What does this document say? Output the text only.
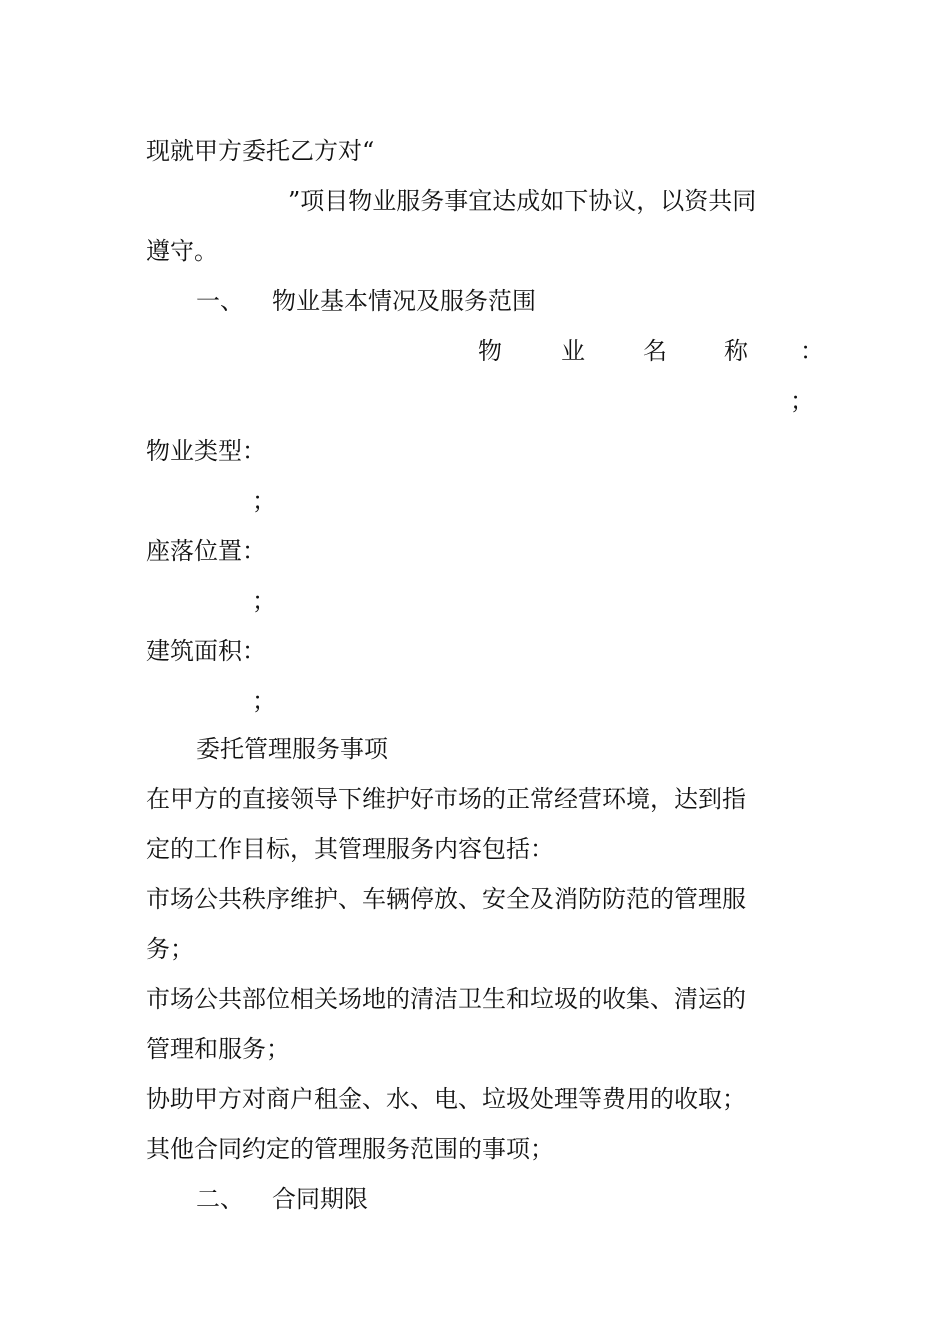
现就甲方委托乙方对“
”项目物业服务事宜达成如下协议，以资共同
遵守。
一、 物业基本情况及服务范围
物 业 名 称 ：
；
物业类型：
；
座落位置：
；
建筑面积：
；
委托管理服务事项
在甲方的直接领导下维护好市场的正常经营环境，达到指
定的工作目标，其管理服务内容包括：
市场公共秩序维护、车辆停放、安全及消防防范的管理服
务；
市场公共部位相关场地的清洁卫生和垃圾的收集、清运的
管理和服务；
协助甲方对商户租金、水、电、垃圾处理等费用的收取；
其他合同约定的管理服务范围的事项；
二、 合同期限
